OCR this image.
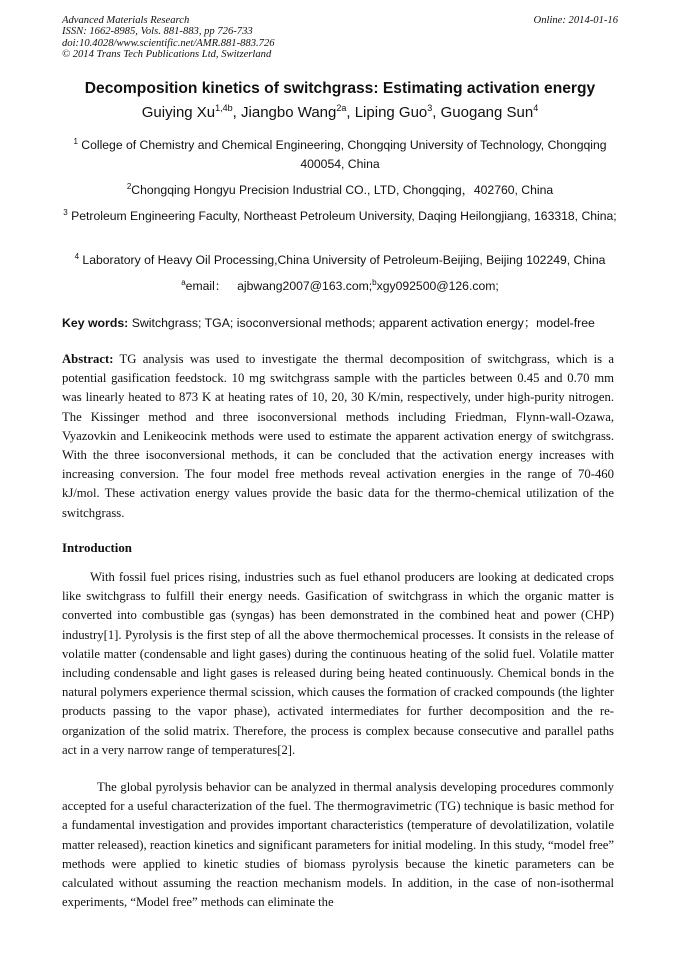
Advanced Materials Research	Online: 2014-01-16
ISSN: 1662-8985, Vols. 881-883, pp 726-733
doi:10.4028/www.scientific.net/AMR.881-883.726
© 2014 Trans Tech Publications Ltd, Switzerland
Decomposition kinetics of switchgrass: Estimating activation energy
Guiying $Xu^{1,4b}$, Jiangbo Wang$^{2a}$, Liping Guo$^3$, Guogang Sun$^4$
$^1$ College of Chemistry and Chemical Engineering, Chongqing University of Technology, Chongqing 400054, China
$^2$Chongqing Hongyu Precision Industrial CO., LTD, Chongqing，402760, China
$^3$ Petroleum Engineering Faculty, Northeast Petroleum University, Daqing Heilongjiang, 163318, China;
$^4$ Laboratory of Heavy Oil Processing,China University of Petroleum-Beijing, Beijing 102249, China
$^a$email： ajbwang2007@163.com;$^b$xgy092500@126.com;
Key words: Switchgrass; TGA; isoconversional methods; apparent activation energy；model-free
Abstract: TG analysis was used to investigate the thermal decomposition of switchgrass, which is a potential gasification feedstock. 10 mg switchgrass sample with the particles between 0.45 and 0.70 mm was linearly heated to 873 K at heating rates of 10, 20, 30 K/min, respectively, under high-purity nitrogen. The Kissinger method and three isoconversional methods including Friedman, Flynn-wall-Ozawa, Vyazovkin and Lenikeocink methods were used to estimate the apparent activation energy of switchgrass. With the three isoconversional methods, it can be concluded that the activation energy increases with increasing conversion. The four model free methods reveal activation energies in the range of 70-460 kJ/mol. These activation energy values provide the basic data for the thermo-chemical utilization of the switchgrass.
Introduction
With fossil fuel prices rising, industries such as fuel ethanol producers are looking at dedicated crops like switchgrass to fulfill their energy needs. Gasification of switchgrass in which the organic matter is converted into combustible gas (syngas) has been demonstrated in the combined heat and power (CHP) industry[1]. Pyrolysis is the first step of all the above thermochemical processes. It consists in the release of volatile matter (condensable and light gases) during the continuous heating of the solid fuel. Volatile matter including condensable and light gases is released during being heated continuously. Chemical bonds in the natural polymers experience thermal scission, which causes the formation of cracked compounds (the lighter products passing to the vapor phase), activated intermediates for further decomposition and the re-organization of the solid matrix. Therefore, the process is complex because consecutive and parallel paths act in a very narrow range of temperatures[2].
The global pyrolysis behavior can be analyzed in thermal analysis developing procedures commonly accepted for a useful characterization of the fuel. The thermogravimetric (TG) technique is basic method for a fundamental investigation and provides important characteristics (temperature of devolatilization, volatile matter released), reaction kinetics and significant parameters for initial modeling. In this study, “model free” methods were applied to kinetic studies of biomass pyrolysis because the kinetic parameters can be calculated without assuming the reaction mechanism models. In addition, in the case of non-isothermal experiments, “Model free” methods can eliminate the
